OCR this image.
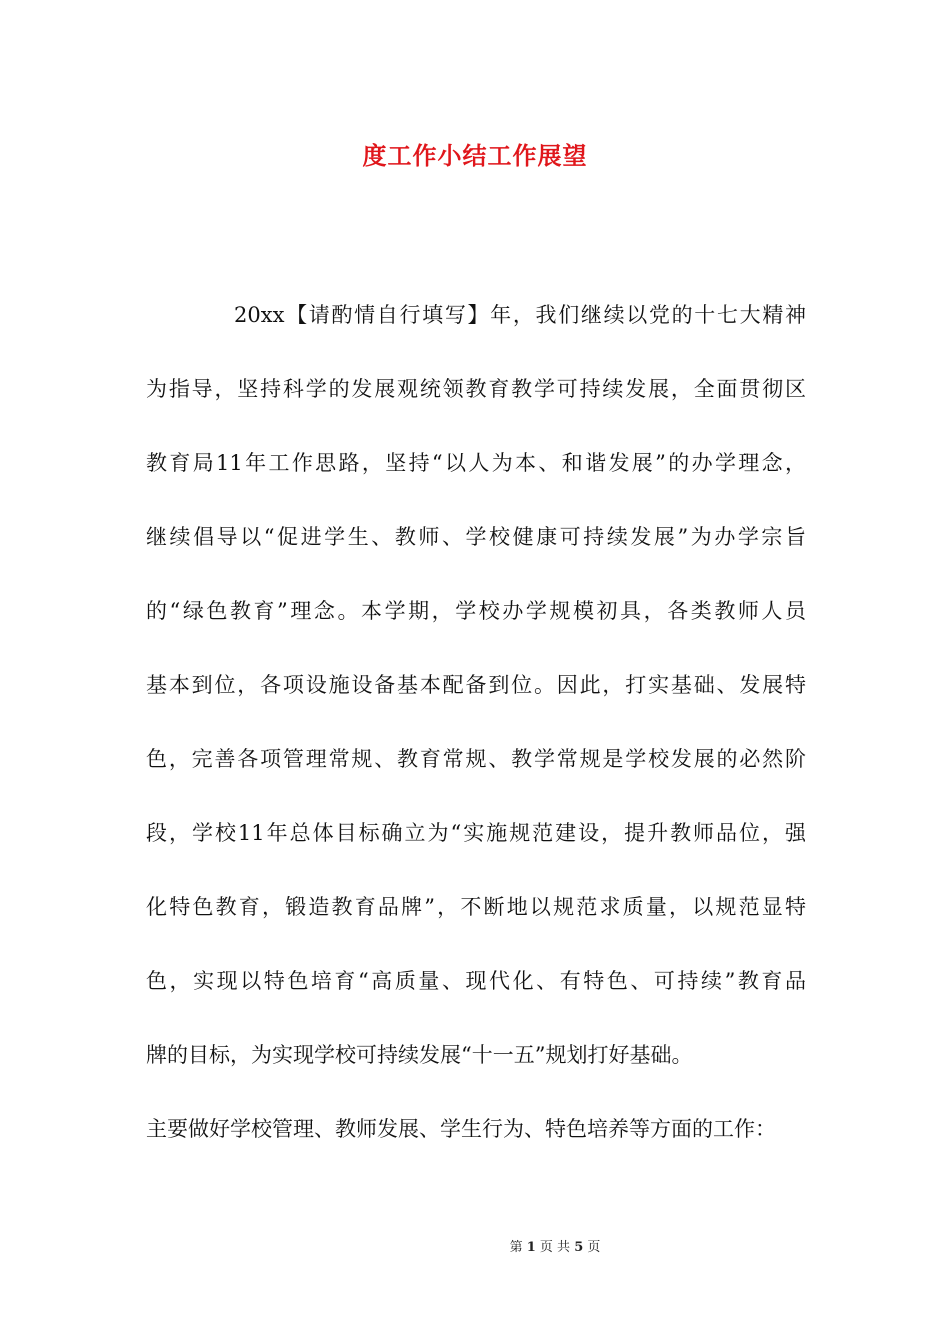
度工作小结工作展望

20xx【请酌情自行填写】年，我们继续以党的十七大精神
为指导，坚持科学的发展观统领教育教学可持续发展，全面贯彻区
教育局11年工作思路，坚持“以人为本、和谐发展”的办学理念，
继续倡导以“促进学生、教师、学校健康可持续发展”为办学宗旨
的“绿色教育”理念。本学期，学校办学规模初具，各类教师人员
基本到位，各项设施设备基本配备到位。因此，打实基础、发展特
色，完善各项管理常规、教育常规、教学常规是学校发展的必然阶
段，学校11年总体目标确立为“实施规范建设，提升教师品位，强
化特色教育，锻造教育品牌”，不断地以规范求质量，以规范显特
色，实现以特色培育“高质量、现代化、有特色、可持续”教育品
牌的目标，为实现学校可持续发展“十一五”规划打好基础。

主要做好学校管理、教师发展、学生行为、特色培养等方面的工作：

第 1 页 共 5 页
